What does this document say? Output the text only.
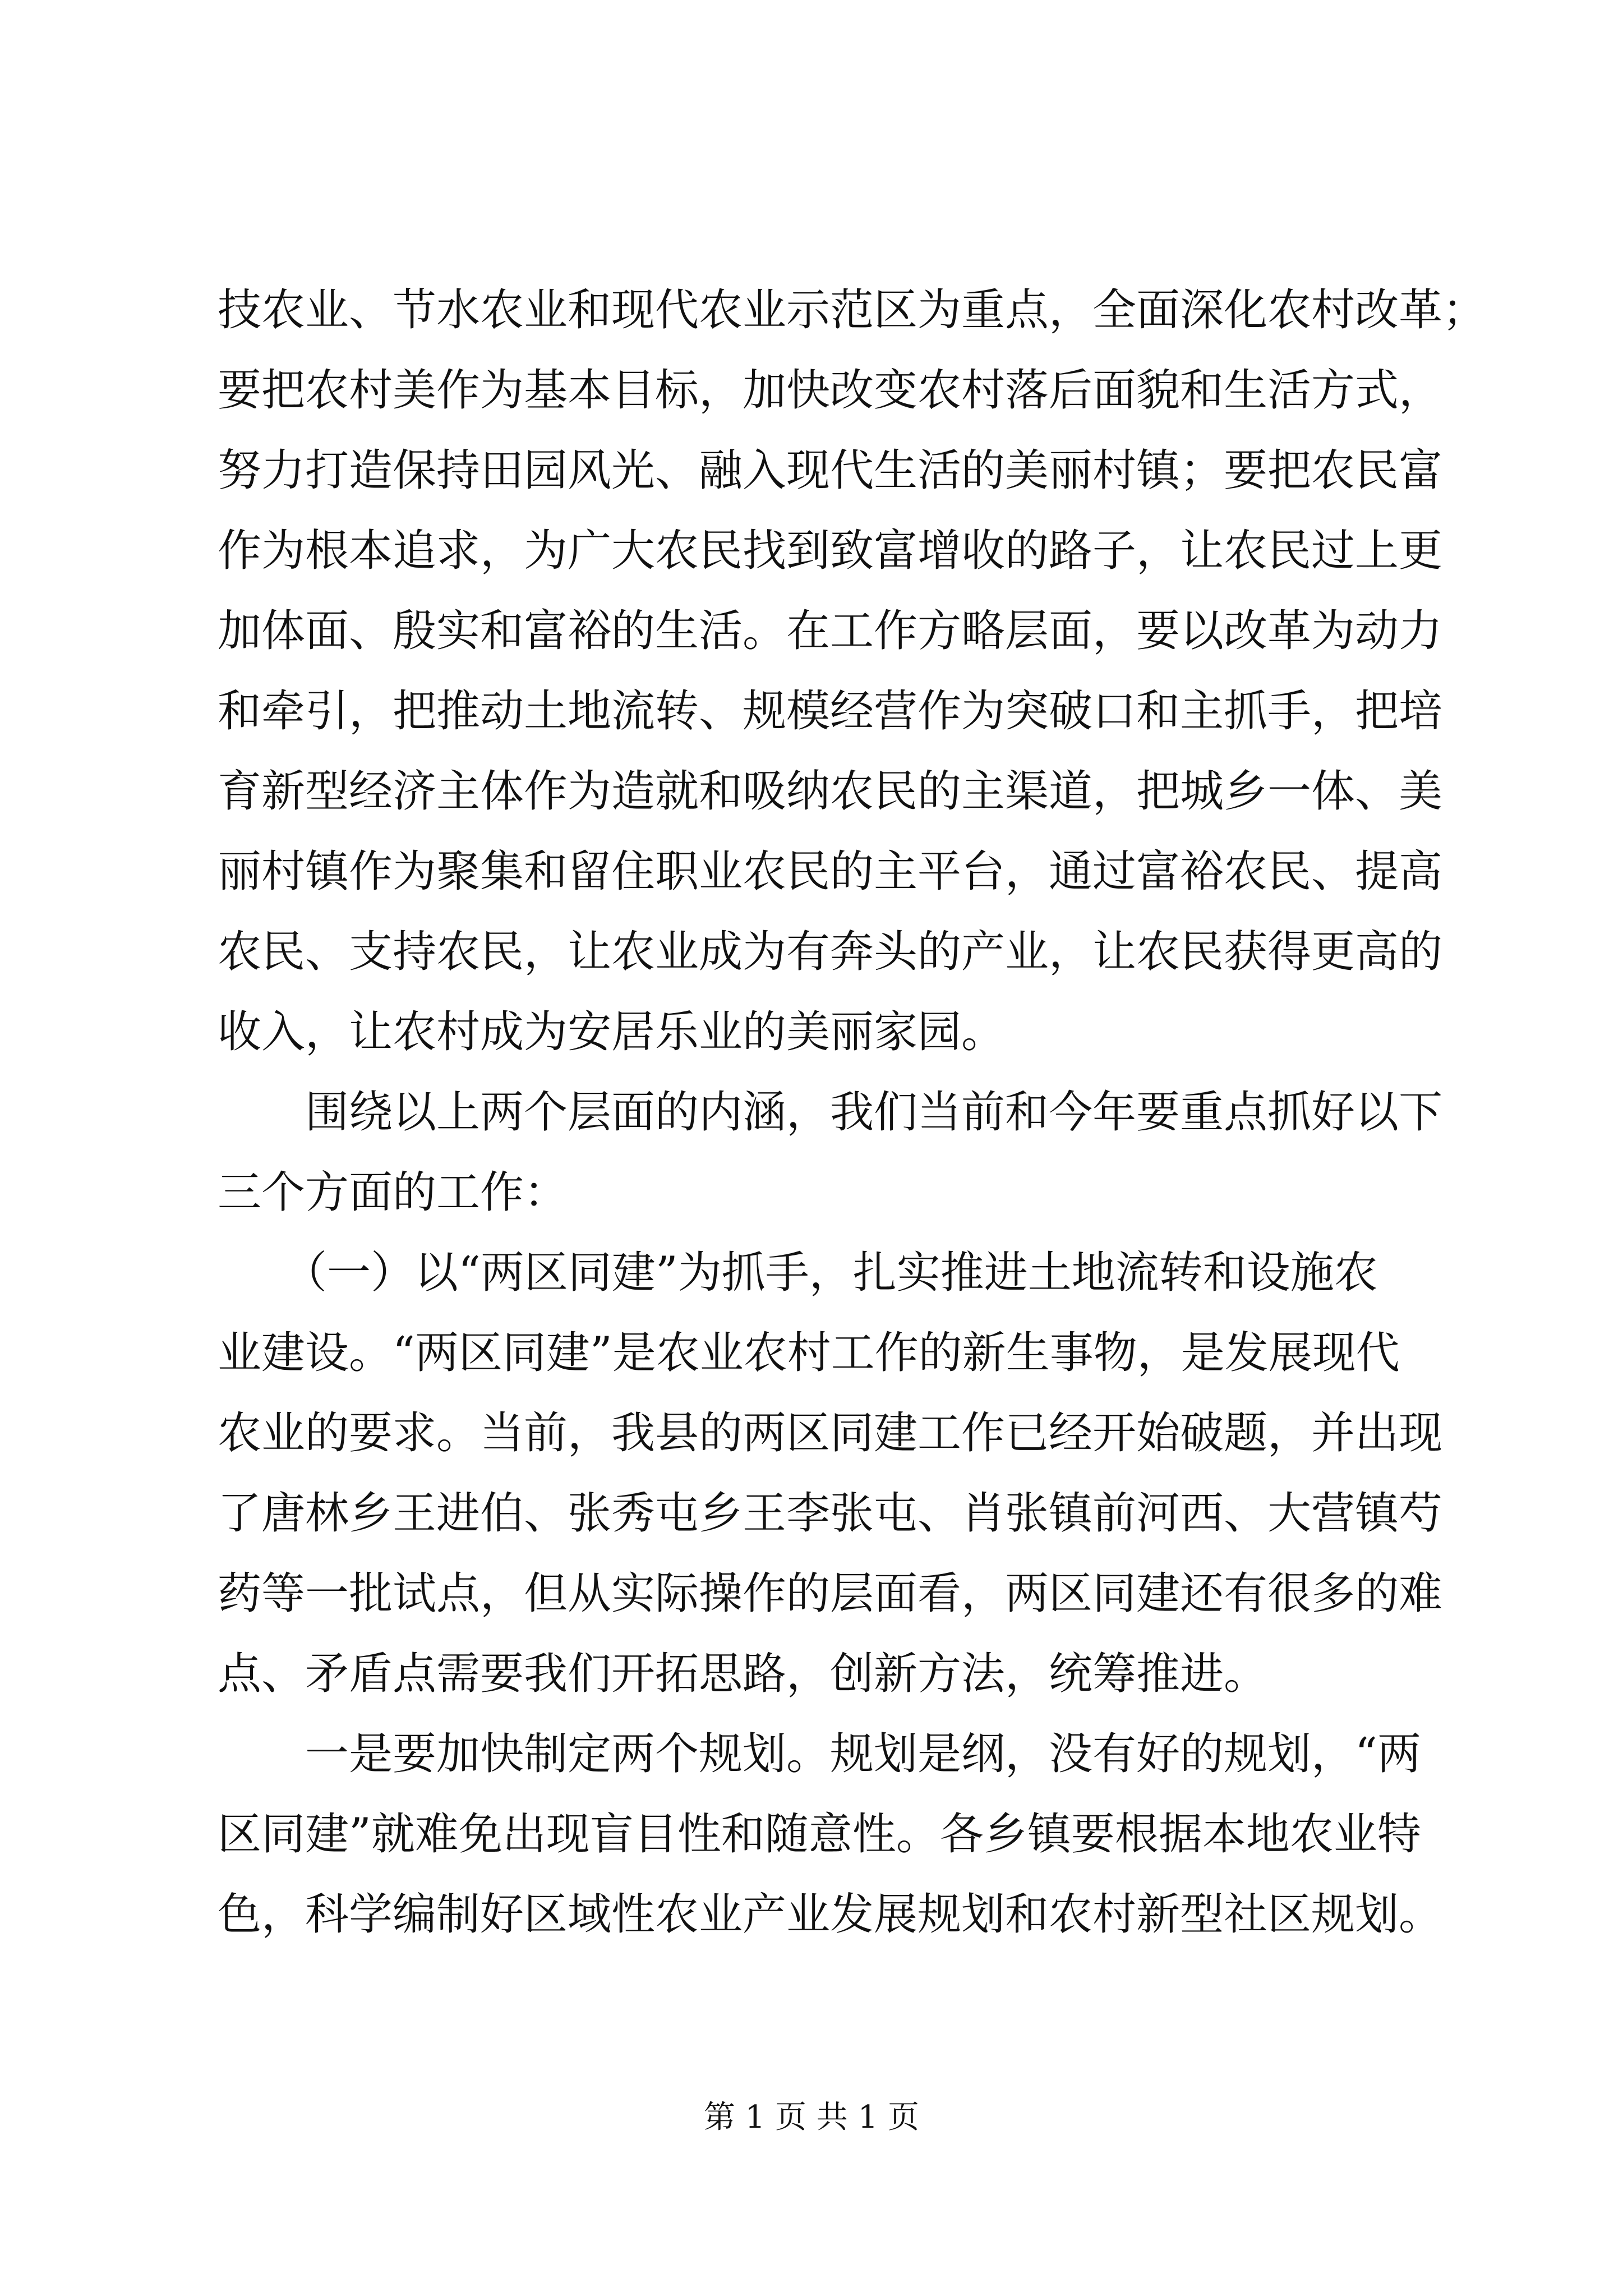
技农业、节水农业和现代农业示范区为重点，全面深化农村改革；
要把农村美作为基本目标，加快改变农村落后面貌和生活方式，
努力打造保持田园风光、融入现代生活的美丽村镇；要把农民富
作为根本追求，为广大农民找到致富增收的路子，让农民过上更
加体面、殷实和富裕的生活。在工作方略层面，要以改革为动力
和牵引，把推动土地流转、规模经营作为突破口和主抓手，把培
育新型经济主体作为造就和吸纳农民的主渠道，把城乡一体、美
丽村镇作为聚集和留住职业农民的主平台，通过富裕农民、提高
农民、支持农民，让农业成为有奔头的产业，让农民获得更高的
收入，让农村成为安居乐业的美丽家园。
　　围绕以上两个层面的内涵，我们当前和今年要重点抓好以下
三个方面的工作：
　　（一）以“两区同建”为抓手，扎实推进土地流转和设施农
业建设。“两区同建”是农业农村工作的新生事物，是发展现代
农业的要求。当前，我县的两区同建工作已经开始破题，并出现
了唐林乡王进伯、张秀屯乡王李张屯、肖张镇前河西、大营镇芍
药等一批试点，但从实际操作的层面看，两区同建还有很多的难
点、矛盾点需要我们开拓思路，创新方法，统筹推进。
　　一是要加快制定两个规划。规划是纲，没有好的规划，“两
区同建”就难免出现盲目性和随意性。各乡镇要根据本地农业特
色，科学编制好区域性农业产业发展规划和农村新型社区规划。
第 1 页 共 1 页
